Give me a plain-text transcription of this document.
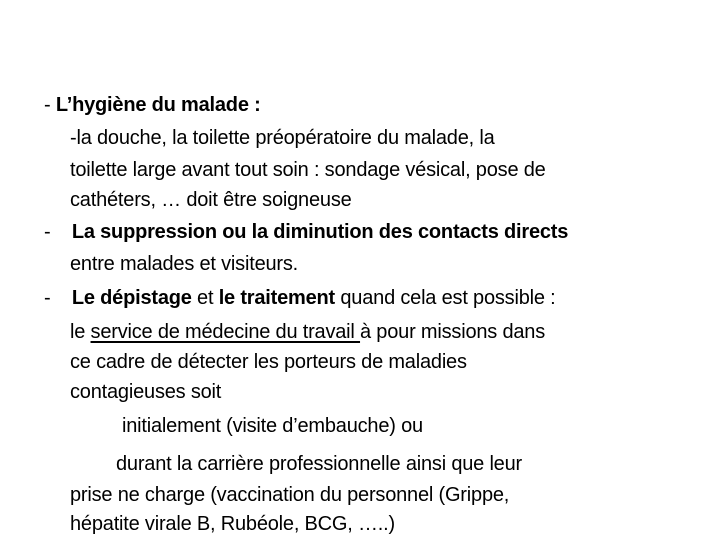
- L’hygiène du malade :
-la douche, la toilette préopératoire du malade, la
toilette large avant tout soin : sondage vésical, pose de
cathéters, … doit être soigneuse
- La suppression ou la diminution des contacts directs
entre malades et visiteurs.
- Le dépistage et le traitement quand cela est possible :
le service de médecine du travail à pour missions dans
ce cadre de détecter les porteurs de maladies
contagieuses soit
initialement (visite d’embauche) ou
durant la carrière professionnelle ainsi que leur
prise ne charge (vaccination du personnel (Grippe,
hépatite virale B, Rubéole, BCG, …..)
